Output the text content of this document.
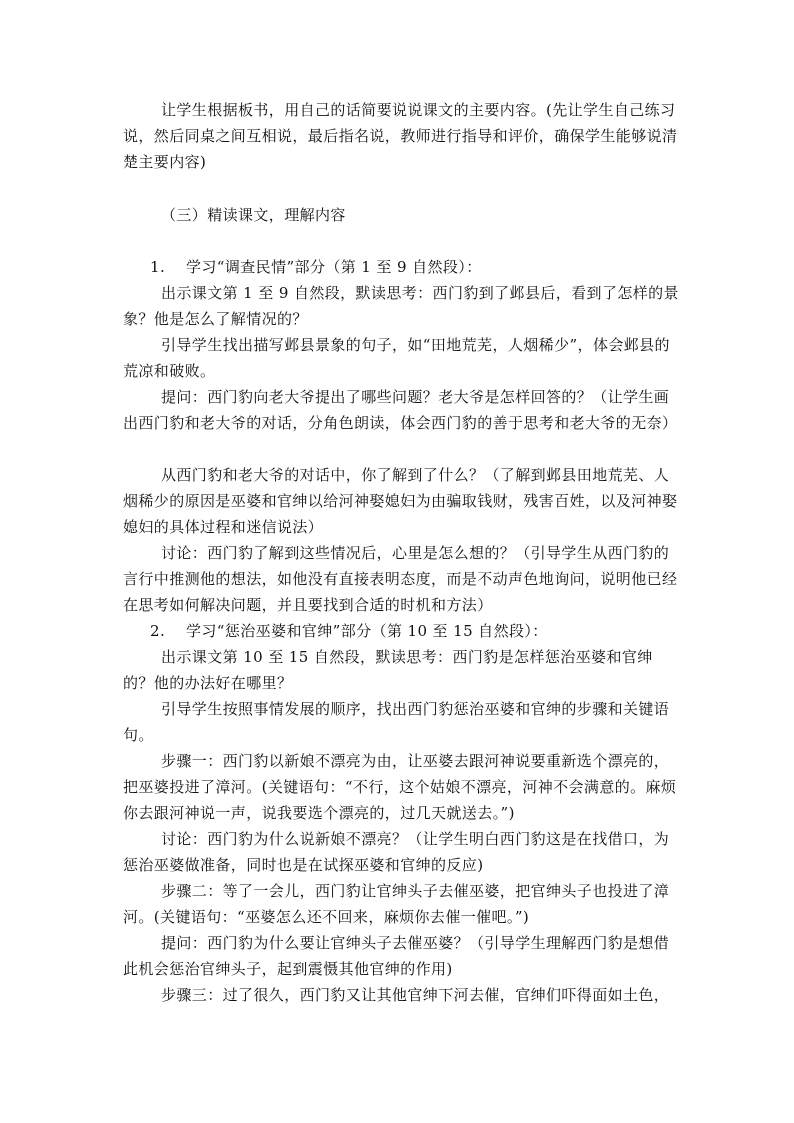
让学生根据板书，用自己的话简要说说课文的主要内容。(先让学生自己练习说，然后同桌之间互相说，最后指名说，教师进行指导和评价，确保学生能够说清楚主要内容)

（三）精读课文，理解内容

1. 学习“调查民情”部分（第 1 至 9 自然段）：

出示课文第 1 至 9 自然段，默读思考：西门豹到了邺县后，看到了怎样的景象？他是怎么了解情况的？

引导学生找出描写邺县景象的句子，如“田地荒芜，人烟稀少”，体会邺县的荒凉和破败。

提问：西门豹向老大爷提出了哪些问题？老大爷是怎样回答的？（让学生画出西门豹和老大爷的对话，分角色朗读，体会西门豹的善于思考和老大爷的无奈）

从西门豹和老大爷的对话中，你了解到了什么？（了解到邺县田地荒芜、人烟稀少的原因是巫婆和官绅以给河神娶媳妇为由骗取钱财，残害百姓，以及河神娶媳妇的具体过程和迷信说法）

讨论：西门豹了解到这些情况后，心里是怎么想的？（引导学生从西门豹的言行中推测他的想法，如他没有直接表明态度，而是不动声色地询问，说明他已经在思考如何解决问题，并且要找到合适的时机和方法）

2. 学习“惩治巫婆和官绅”部分（第 10 至 15 自然段）：

出示课文第 10 至 15 自然段，默读思考：西门豹是怎样惩治巫婆和官绅的？他的办法好在哪里？

引导学生按照事情发展的顺序，找出西门豹惩治巫婆和官绅的步骤和关键语句。

步骤一：西门豹以新娘不漂亮为由，让巫婆去跟河神说要重新选个漂亮的，把巫婆投进了漳河。(关键语句：“不行，这个姑娘不漂亮，河神不会满意的。麻烦你去跟河神说一声，说我要选个漂亮的，过几天就送去。”)

讨论：西门豹为什么说新娘不漂亮？（让学生明白西门豹这是在找借口，为惩治巫婆做准备，同时也是在试探巫婆和官绅的反应)

步骤二：等了一会儿，西门豹让官绅头子去催巫婆，把官绅头子也投进了漳河。(关键语句：“巫婆怎么还不回来，麻烦你去催一催吧。”)

提问：西门豹为什么要让官绅头子去催巫婆？（引导学生理解西门豹是想借此机会惩治官绅头子，起到震慑其他官绅的作用)

步骤三：过了很久，西门豹又让其他官绅下河去催，官绅们吓得面如土色，
